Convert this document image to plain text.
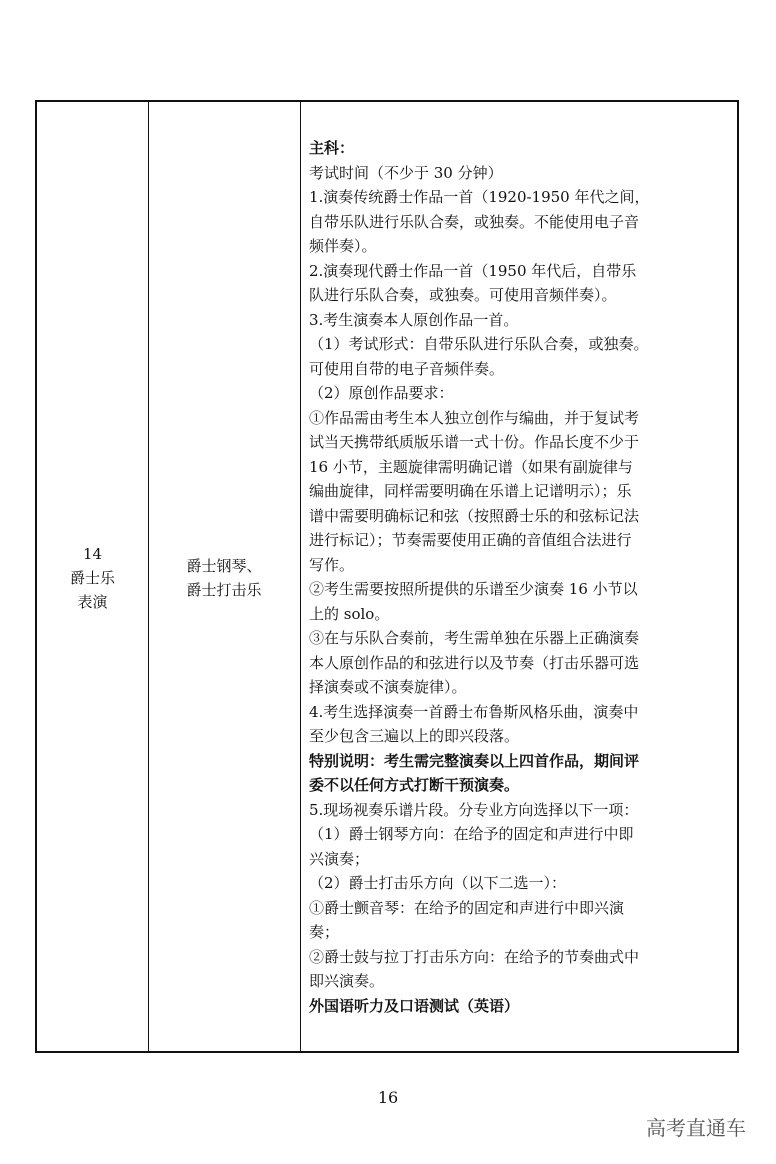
14
爵士乐
表演
爵士钢琴、
爵士打击乐
主科：
考试时间（不少于 30 分钟）
1.演奏传统爵士作品一首（1920-1950 年代之间，
自带乐队进行乐队合奏，或独奏。不能使用电子音
频伴奏）。
2.演奏现代爵士作品一首（1950 年代后，自带乐
队进行乐队合奏，或独奏。可使用音频伴奏）。
3.考生演奏本人原创作品一首。
（1）考试形式：自带乐队进行乐队合奏，或独奏。
可使用自带的电子音频伴奏。
（2）原创作品要求：
①作品需由考生本人独立创作与编曲，并于复试考
试当天携带纸质版乐谱一式十份。作品长度不少于
16 小节，主题旋律需明确记谱（如果有副旋律与
编曲旋律，同样需要明确在乐谱上记谱明示）；乐
谱中需要明确标记和弦（按照爵士乐的和弦标记法
进行标记）；节奏需要使用正确的音值组合法进行
写作。
②考生需要按照所提供的乐谱至少演奏 16 小节以
上的 solo。
③在与乐队合奏前，考生需单独在乐器上正确演奏
本人原创作品的和弦进行以及节奏（打击乐器可选
择演奏或不演奏旋律）。
4.考生选择演奏一首爵士布鲁斯风格乐曲，演奏中
至少包含三遍以上的即兴段落。
特别说明：考生需完整演奏以上四首作品，期间评
委不以任何方式打断干预演奏。
5.现场视奏乐谱片段。分专业方向选择以下一项：
（1）爵士钢琴方向：在给予的固定和声进行中即
兴演奏；
（2）爵士打击乐方向（以下二选一）：
①爵士颤音琴：在给予的固定和声进行中即兴演
奏；
②爵士鼓与拉丁打击乐方向：在给予的节奏曲式中
即兴演奏。
外国语听力及口语测试（英语）
16
高考直通车
